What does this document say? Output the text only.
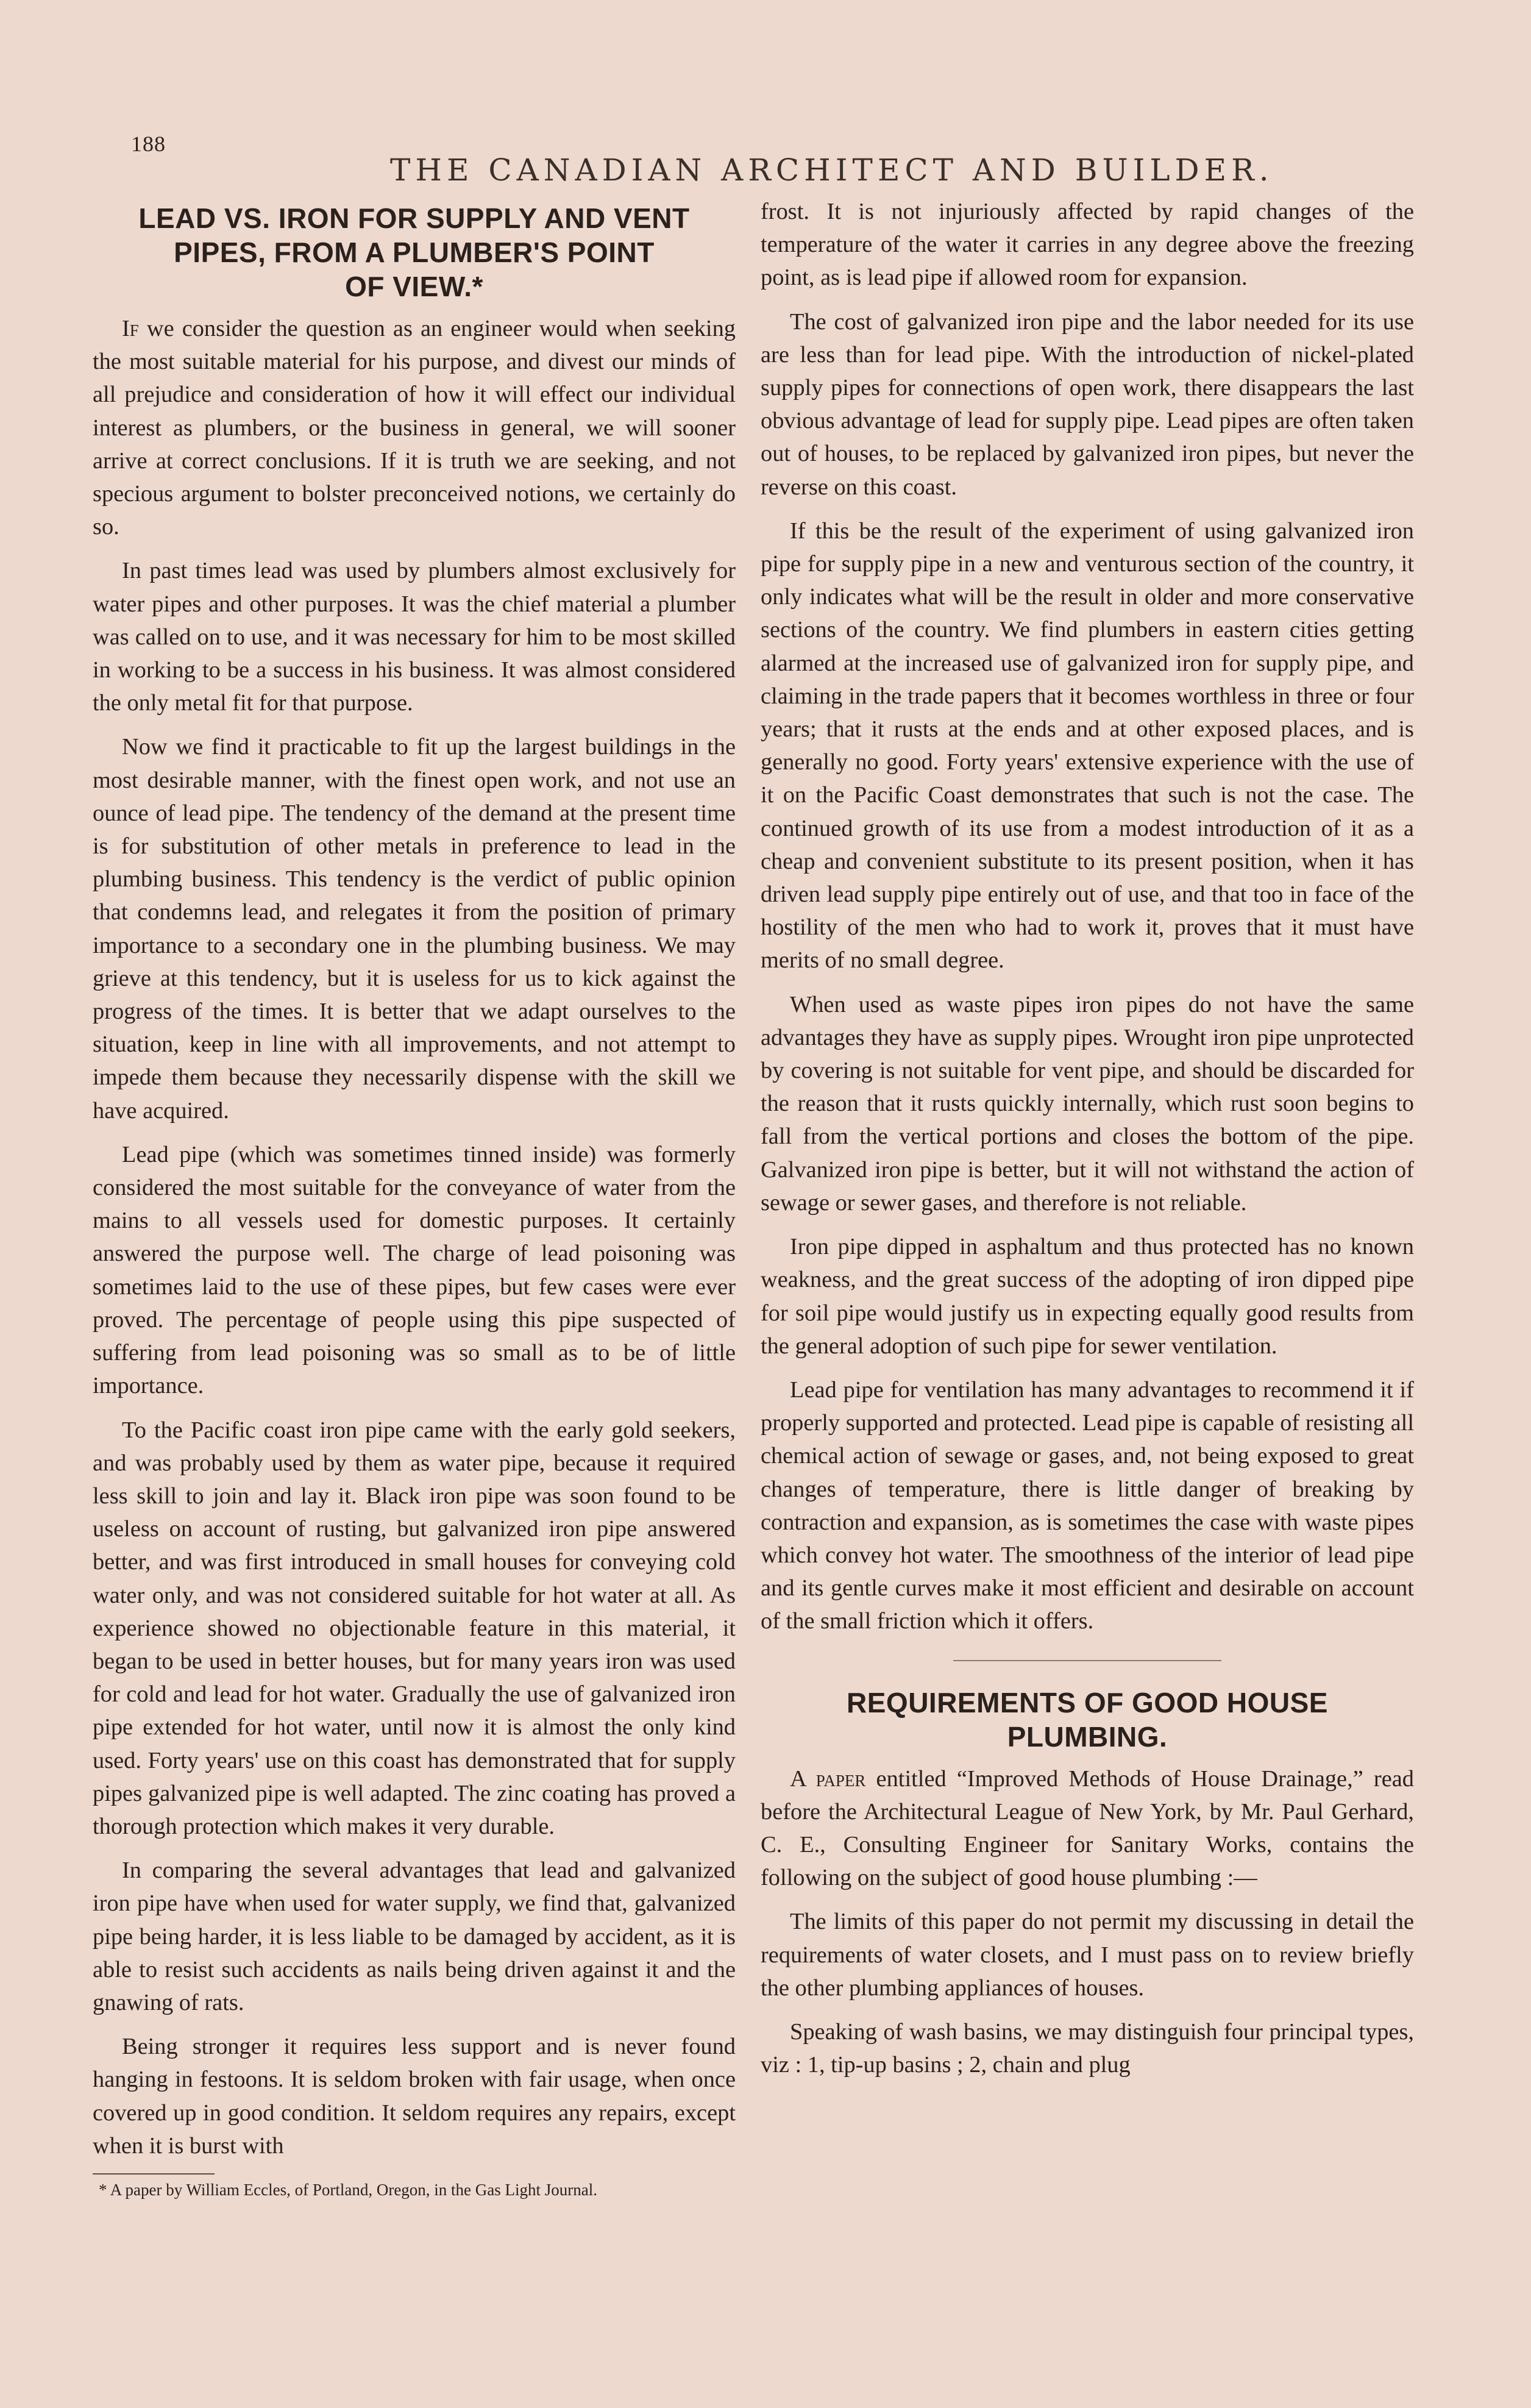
188
THE CANADIAN ARCHITECT AND BUILDER.
LEAD VS. IRON FOR SUPPLY AND VENT
PIPES, FROM A PLUMBER'S POINT
OF VIEW.*

If we consider the question as an engineer would when seeking the most suitable material for his purpose, and divest our minds of all prejudice and consideration of how it will effect our individual interest as plumbers, or the business in general, we will sooner arrive at correct conclusions. If it is truth we are seeking, and not specious argument to bolster preconceived notions, we certainly do so.

In past times lead was used by plumbers almost exclusively for water pipes and other purposes. It was the chief material a plumber was called on to use, and it was necessary for him to be most skilled in working to be a success in his business. It was almost considered the only metal fit for that purpose.

Now we find it practicable to fit up the largest buildings in the most desirable manner, with the finest open work, and not use an ounce of lead pipe. The tendency of the demand at the present time is for substitution of other metals in preference to lead in the plumbing business. This tendency is the verdict of public opinion that condemns lead, and relegates it from the position of primary importance to a secondary one in the plumbing business. We may grieve at this tendency, but it is useless for us to kick against the progress of the times. It is better that we adapt ourselves to the situation, keep in line with all improvements, and not attempt to impede them because they necessarily dispense with the skill we have acquired.

Lead pipe (which was sometimes tinned inside) was formerly considered the most suitable for the conveyance of water from the mains to all vessels used for domestic purposes. It certainly answered the purpose well. The charge of lead poisoning was sometimes laid to the use of these pipes, but few cases were ever proved. The percentage of people using this pipe suspected of suffering from lead poisoning was so small as to be of little importance.

To the Pacific coast iron pipe came with the early gold seekers, and was probably used by them as water pipe, because it required less skill to join and lay it. Black iron pipe was soon found to be useless on account of rusting, but galvanized iron pipe answered better, and was first introduced in small houses for conveying cold water only, and was not considered suitable for hot water at all. As experience showed no objectionable feature in this material, it began to be used in better houses, but for many years iron was used for cold and lead for hot water. Gradually the use of galvanized iron pipe extended for hot water, until now it is almost the only kind used. Forty years' use on this coast has demonstrated that for supply pipes galvanized pipe is well adapted. The zinc coating has proved a thorough protection which makes it very durable.

In comparing the several advantages that lead and galvanized iron pipe have when used for water supply, we find that, galvanized pipe being harder, it is less liable to be damaged by accident, as it is able to resist such accidents as nails being driven against it and the gnawing of rats.

Being stronger it requires less support and is never found hanging in festoons. It is seldom broken with fair usage, when once covered up in good condition. It seldom requires any repairs, except when it is burst with

* A paper by William Eccles, of Portland, Oregon, in the Gas Light Journal.

frost. It is not injuriously affected by rapid changes of the temperature of the water it carries in any degree above the freezing point, as is lead pipe if allowed room for expansion.

The cost of galvanized iron pipe and the labor needed for its use are less than for lead pipe. With the introduction of nickel-plated supply pipes for connections of open work, there disappears the last obvious advantage of lead for supply pipe. Lead pipes are often taken out of houses, to be replaced by galvanized iron pipes, but never the reverse on this coast.

If this be the result of the experiment of using galvanized iron pipe for supply pipe in a new and venturous section of the country, it only indicates what will be the result in older and more conservative sections of the country. We find plumbers in eastern cities getting alarmed at the increased use of galvanized iron for supply pipe, and claiming in the trade papers that it becomes worthless in three or four years; that it rusts at the ends and at other exposed places, and is generally no good. Forty years' extensive experience with the use of it on the Pacific Coast demonstrates that such is not the case. The continued growth of its use from a modest introduction of it as a cheap and convenient substitute to its present position, when it has driven lead supply pipe entirely out of use, and that too in face of the hostility of the men who had to work it, proves that it must have merits of no small degree.

When used as waste pipes iron pipes do not have the same advantages they have as supply pipes. Wrought iron pipe unprotected by covering is not suitable for vent pipe, and should be discarded for the reason that it rusts quickly internally, which rust soon begins to fall from the vertical portions and closes the bottom of the pipe. Galvanized iron pipe is better, but it will not withstand the action of sewage or sewer gases, and therefore is not reliable.

Iron pipe dipped in asphaltum and thus protected has no known weakness, and the great success of the adopting of iron dipped pipe for soil pipe would justify us in expecting equally good results from the general adoption of such pipe for sewer ventilation.

Lead pipe for ventilation has many advantages to recommend it if properly supported and protected. Lead pipe is capable of resisting all chemical action of sewage or gases, and, not being exposed to great changes of temperature, there is little danger of breaking by contraction and expansion, as is sometimes the case with waste pipes which convey hot water. The smoothness of the interior of lead pipe and its gentle curves make it most efficient and desirable on account of the small friction which it offers.

REQUIREMENTS OF GOOD HOUSE
PLUMBING.

A paper entitled “Improved Methods of House Drainage,” read before the Architectural League of New York, by Mr. Paul Gerhard, C. E., Consulting Engineer for Sanitary Works, contains the following on the subject of good house plumbing :—

The limits of this paper do not permit my discussing in detail the requirements of water closets, and I must pass on to review briefly the other plumbing appliances of houses.

Speaking of wash basins, we may distinguish four principal types, viz : 1, tip-up basins ; 2, chain and plug
